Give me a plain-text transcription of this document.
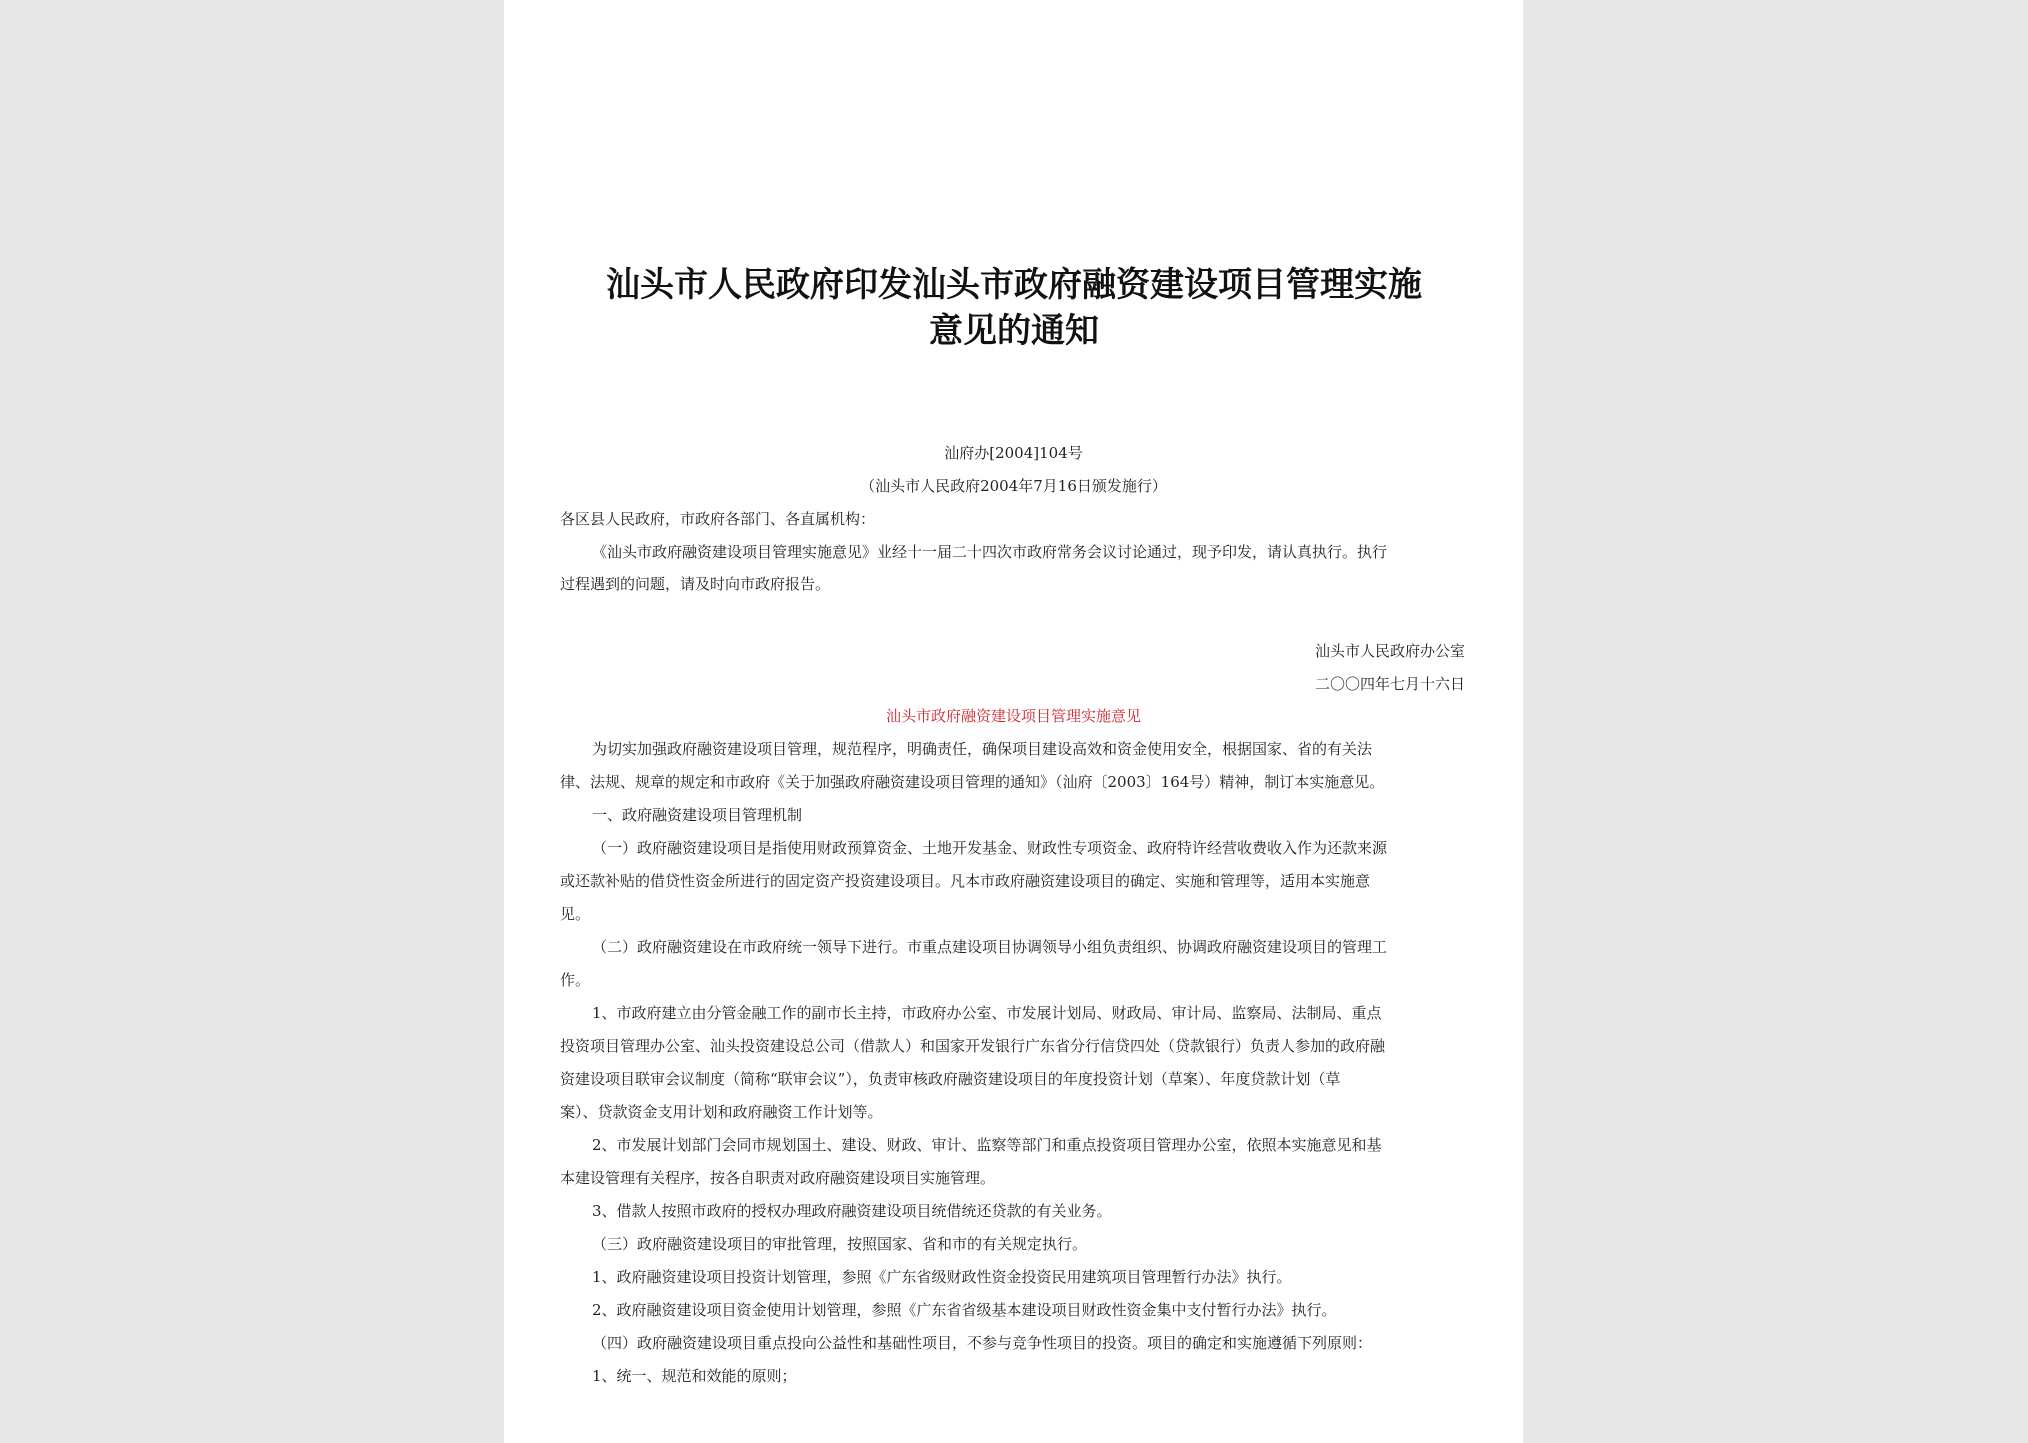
汕头市人民政府印发汕头市政府融资建设项目管理实施
意见的通知
汕府办[2004]104号
（汕头市人民政府2004年7月16日颁发施行）

各区县人民政府，市政府各部门、各直属机构：

《汕头市政府融资建设项目管理实施意见》业经十一届二十四次市政府常务会议讨论通过，现予印发，请认真执行。执行

过程遇到的问题，请及时向市政府报告。

汕头市人民政府办公室
二〇〇四年七月十六日
汕头市政府融资建设项目管理实施意见

为切实加强政府融资建设项目管理，规范程序，明确责任，确保项目建设高效和资金使用安全，根据国家、省的有关法

律、法规、规章的规定和市政府《关于加强政府融资建设项目管理的通知》（汕府〔2003〕164号）精神，制订本实施意见。

一、政府融资建设项目管理机制

（一）政府融资建设项目是指使用财政预算资金、土地开发基金、财政性专项资金、政府特许经营收费收入作为还款来源

或还款补贴的借贷性资金所进行的固定资产投资建设项目。凡本市政府融资建设项目的确定、实施和管理等，适用本实施意

见。

（二）政府融资建设在市政府统一领导下进行。市重点建设项目协调领导小组负责组织、协调政府融资建设项目的管理工

作。

1、市政府建立由分管金融工作的副市长主持，市政府办公室、市发展计划局、财政局、审计局、监察局、法制局、重点

投资项目管理办公室、汕头投资建设总公司（借款人）和国家开发银行广东省分行信贷四处（贷款银行）负责人参加的政府融

资建设项目联审会议制度（简称“联审会议”），负责审核政府融资建设项目的年度投资计划（草案）、年度贷款计划（草

案）、贷款资金支用计划和政府融资工作计划等。

2、市发展计划部门会同市规划国土、建设、财政、审计、监察等部门和重点投资项目管理办公室，依照本实施意见和基

本建设管理有关程序，按各自职责对政府融资建设项目实施管理。

3、借款人按照市政府的授权办理政府融资建设项目统借统还贷款的有关业务。

（三）政府融资建设项目的审批管理，按照国家、省和市的有关规定执行。

1、政府融资建设项目投资计划管理，参照《广东省级财政性资金投资民用建筑项目管理暂行办法》执行。

2、政府融资建设项目资金使用计划管理，参照《广东省省级基本建设项目财政性资金集中支付暂行办法》执行。

（四）政府融资建设项目重点投向公益性和基础性项目，不参与竞争性项目的投资。项目的确定和实施遵循下列原则：

1、统一、规范和效能的原则；
